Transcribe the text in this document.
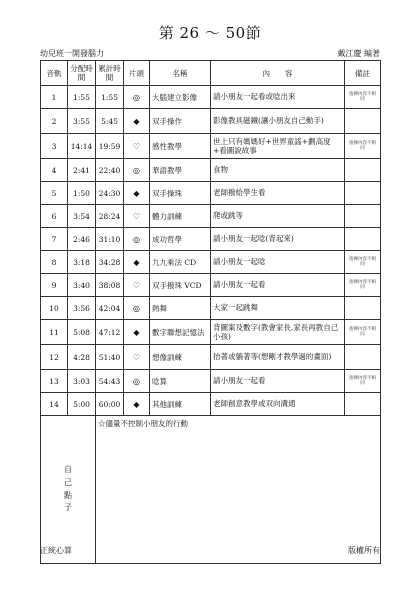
第 26 ～ 50節
幼兒班一開發腦力	戴江慶 編著
音軌	分配時間	累計時間	片頭	名稱	內　　容	備註
1	1:55	1:55	◎	大腦建立影像	請小朋友一起看或唸出來	指揮內容不相同
2	3:55	5:45	◆	双手操作	影像教具磁鐵(讓小朋友自己動手)	
3	14:14	19:59	♡	感性教學	世上只有媽媽好+世界童謠+劃高度+看圖說故事	指揮內容不相同
4	2:41	22:40	◎	華語教學	食物	
5	1:50	24:30	◆	双手操珠	老師撥給學生看	
6	3:54	28:24	♡	體力訓練	爬或跳等	
7	2:46	31:10	◎	成功哲學	請小朋友一起唸(背起來)	
8	3:18	34:28	◆	九九乘法 CD	請小朋友一起唸	指揮內容不相同
9	3:40	38:08	♡	双手撥珠 VCD	請小朋友一起看	指揮內容不相同
10	3:56	42:04	◎	熱舞	大家一起跳舞	
11	5:08	47:12	◆	數字聯想記憶法	背圖案及數字(教會家長,家長再教自己小孩)	指揮內容不相同
12	4:28	51:40	♡	想像訓練	抬著或躺著等(想剛才教學過的畫面)	
13	3:03	54:43	◎	唸算	請小朋友一起看	指揮內容不相同
14	5:00	60:00	◆	其他訓練	老師創意教學或双向溝通	

自
己
點
子		☆儘量不控制小朋友的行動				
正統心算	版權所有
